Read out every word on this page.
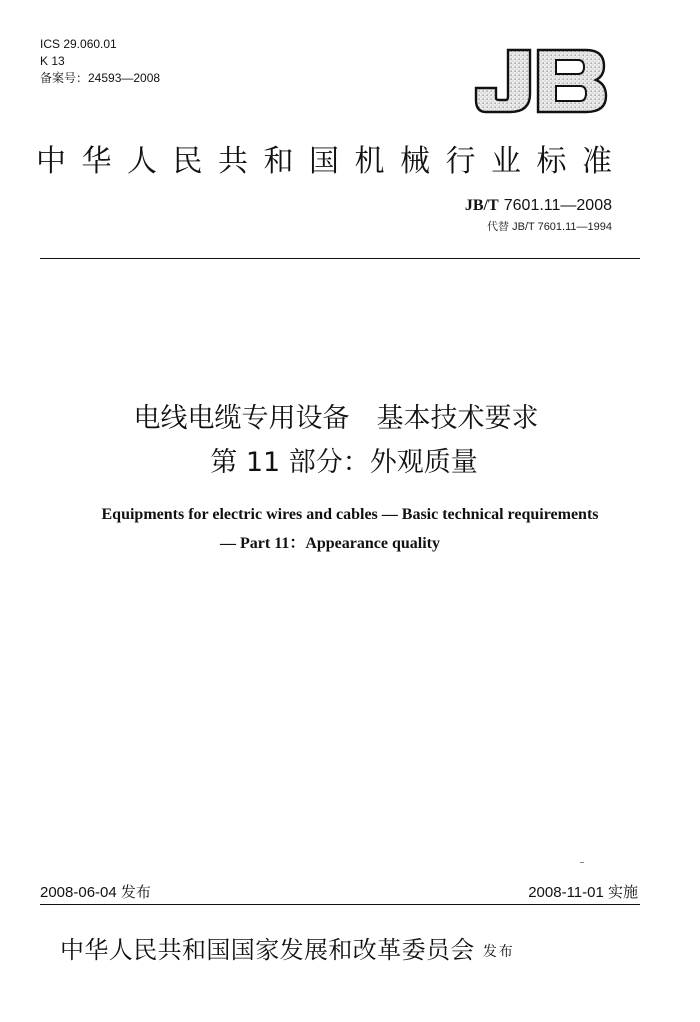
ICS 29.060.01
K 13
备案号：24593—2008
JB
中华人民共和国机械行业标准
JB/T 7601.11—2008
代替 JB/T 7601.11—1994
电线电缆专用设备　基本技术要求
第 11 部分：外观质量
Equipments for electric wires and cables — Basic technical requirements
— Part 11：Appearance quality
2008-06-04 发布	2008-11-01 实施
中华人民共和国国家发展和改革委员会 发布
